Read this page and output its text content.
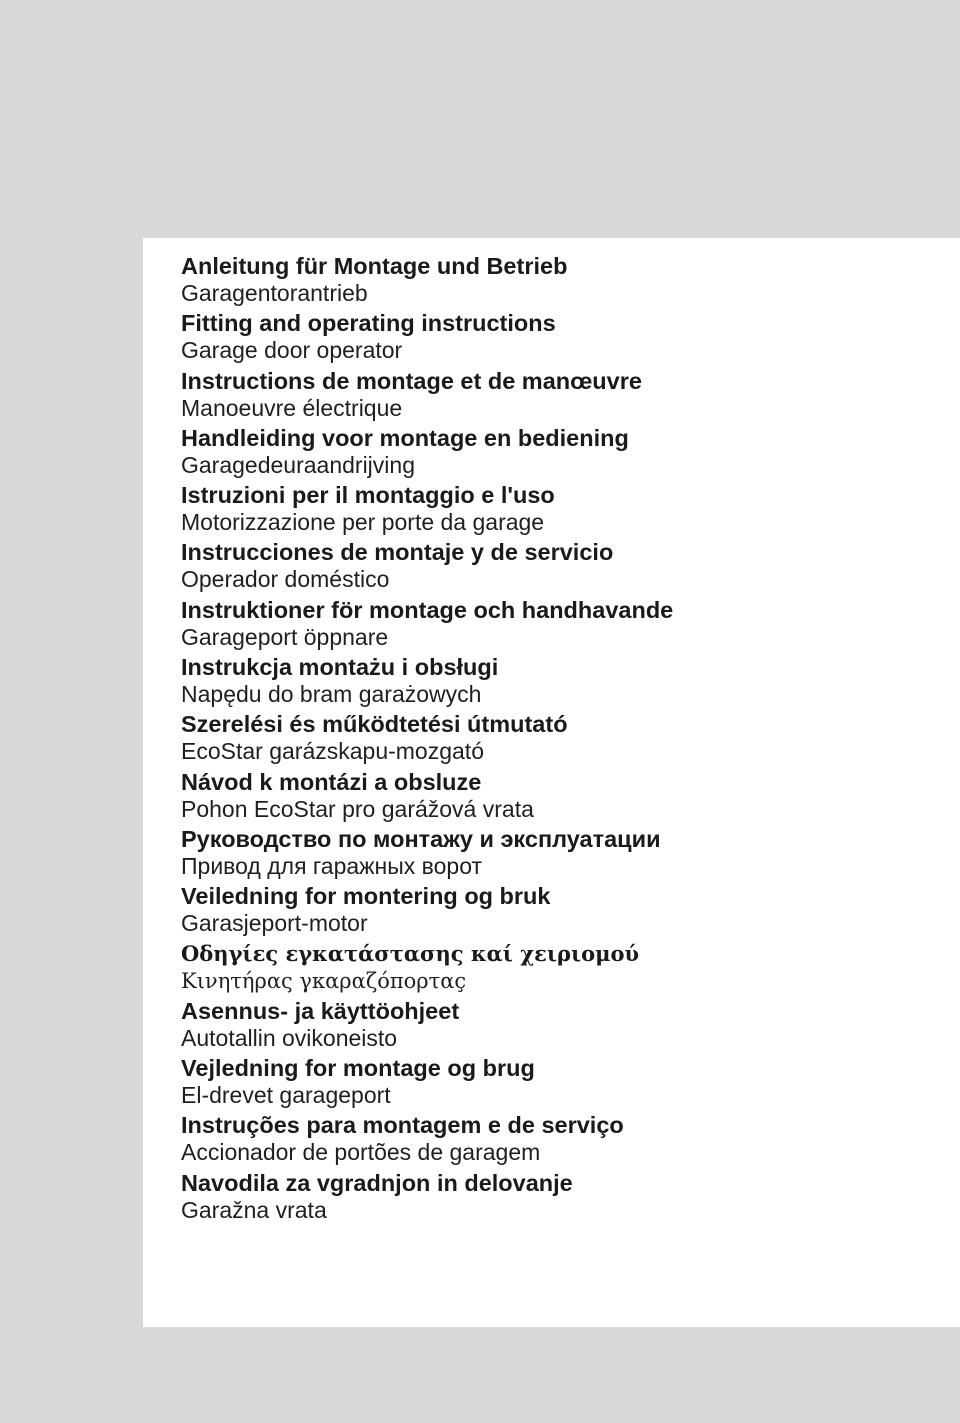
Anleitung für Montage und Betrieb
Garagentorantrieb
Fitting and operating instructions
Garage door operator
Instructions de montage et de manœuvre
Manoeuvre électrique
Handleiding voor montage en bediening
Garagedeuraandrijving
Istruzioni per il montaggio e l'uso
Motorizzazione per porte da garage
Instrucciones de montaje y de servicio
Operador doméstico
Instruktioner för montage och handhavande
Garageport öppnare
Instrukcja montażu i obsługi
Napędu do bram garażowych
Szerelési és működtetési útmutató
EcoStar garázskapu-mozgató
Návod k montázi a obsluze
Pohon EcoStar pro garážová vrata
Руководство по монтажу и эксплуатации
Привод для гаражных ворот
Veiledning for montering og bruk
Garasjeport-motor
Οδηγίες εγκατάστασης καί χειριομού
Κινητήρας γκαραζόπορταç
Asennus- ja käyttöohjeet
Autotallin ovikoneisto
Vejledning for montage og brug
El-drevet garageport
Instruções para montagem e de serviço
Accionador de portões de garagem
Navodila za vgradnjon in delovanje
Garažna vrata
